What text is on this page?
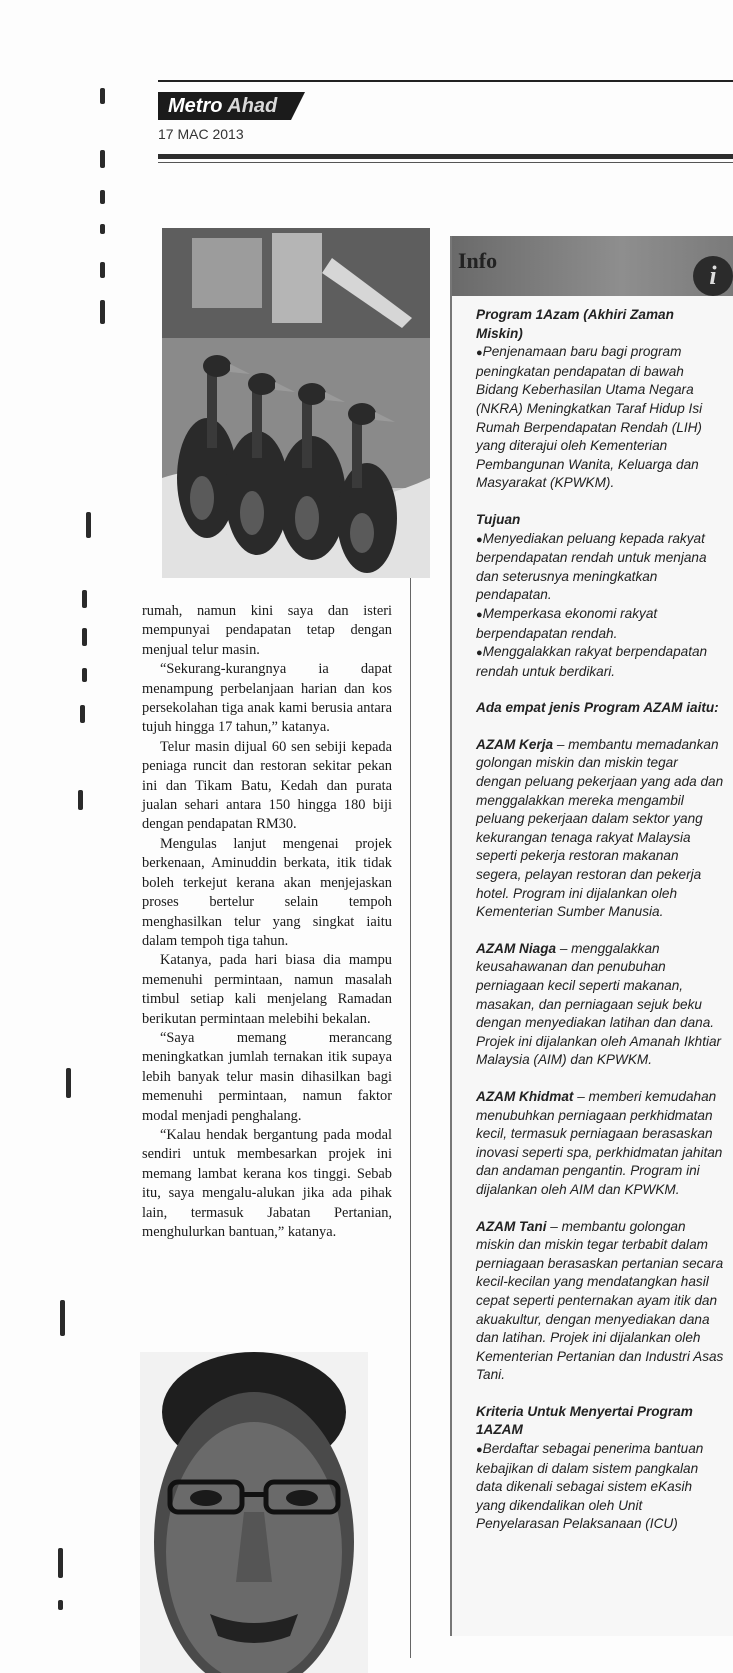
Metro Ahad
17 MAC 2013

rumah, namun kini saya dan isteri mempunyai pendapatan tetap dengan menjual telur masin.

“Sekurang-kurangnya ia dapat menampung perbelanjaan harian dan kos persekolahan tiga anak kami berusia antara tujuh hingga 17 tahun,” katanya.

Telur masin dijual 60 sen sebiji kepada peniaga runcit dan restoran sekitar pekan ini dan Tikam Batu, Kedah dan purata jualan sehari antara 150 hingga 180 biji dengan pendapatan RM30.

Mengulas lanjut mengenai projek berkenaan, Aminuddin berkata, itik tidak boleh terkejut kerana akan menjejaskan proses bertelur selain tempoh menghasilkan telur yang singkat iaitu dalam tempoh tiga tahun.

Katanya, pada hari biasa dia mampu memenuhi permintaan, namun masalah timbul setiap kali menjelang Ramadan berikutan permintaan melebihi bekalan.

“Saya memang merancang meningkatkan jumlah ternakan itik supaya lebih banyak telur masin dihasilkan bagi memenuhi permintaan, namun faktor modal menjadi penghalang.

“Kalau hendak bergantung pada modal sendiri untuk membesarkan projek ini memang lambat kerana kos tinggi. Sebab itu, saya mengalu-alukan jika ada pihak lain, termasuk Jabatan Pertanian, menghulurkan bantuan,” katanya.

Info
i

Program 1Azam (Akhiri Zaman Miskin)

● Penjenamaan baru bagi program peningkatan pendapatan di bawah Bidang Keberhasilan Utama Negara (NKRA) Meningkatkan Taraf Hidup Isi Rumah Berpendapatan Rendah (LIH) yang diterajui oleh Kementerian Pembangunan Wanita, Keluarga dan Masyarakat (KPWKM).

Tujuan

● Menyediakan peluang kepada rakyat berpendapatan rendah untuk menjana dan seterusnya meningkatkan pendapatan.

● Memperkasa ekonomi rakyat berpendapatan rendah.

● Menggalakkan rakyat berpendapatan rendah untuk berdikari.

Ada empat jenis Program AZAM iaitu:

AZAM Kerja – membantu memadankan golongan miskin dan miskin tegar dengan peluang pekerjaan yang ada dan menggalakkan mereka mengambil peluang pekerjaan dalam sektor yang kekurangan tenaga rakyat Malaysia seperti pekerja restoran makanan segera, pelayan restoran dan pekerja hotel. Program ini dijalankan oleh Kementerian Sumber Manusia.

AZAM Niaga – menggalakkan keusahawanan dan penubuhan perniagaan kecil seperti makanan, masakan, dan perniagaan sejuk beku dengan menyediakan latihan dan dana. Projek ini dijalankan oleh Amanah Ikhtiar Malaysia (AIM) dan KPWKM.

AZAM Khidmat – memberi kemudahan menubuhkan perniagaan perkhidmatan kecil, termasuk perniagaan berasaskan inovasi seperti spa, perkhidmatan jahitan dan andaman pengantin. Program ini dijalankan oleh AIM dan KPWKM.

AZAM Tani – membantu golongan miskin dan miskin tegar terbabit dalam perniagaan berasaskan pertanian secara kecil-kecilan yang mendatangkan hasil cepat seperti penternakan ayam itik dan akuakultur, dengan menyediakan dana dan latihan. Projek ini dijalankan oleh Kementerian Pertanian dan Industri Asas Tani.

Kriteria Untuk Menyertai Program 1AZAM

● Berdaftar sebagai penerima bantuan kebajikan di dalam sistem pangkalan data dikenali sebagai sistem eKasih yang dikendalikan oleh Unit Penyelarasan Pelaksanaan (ICU)
